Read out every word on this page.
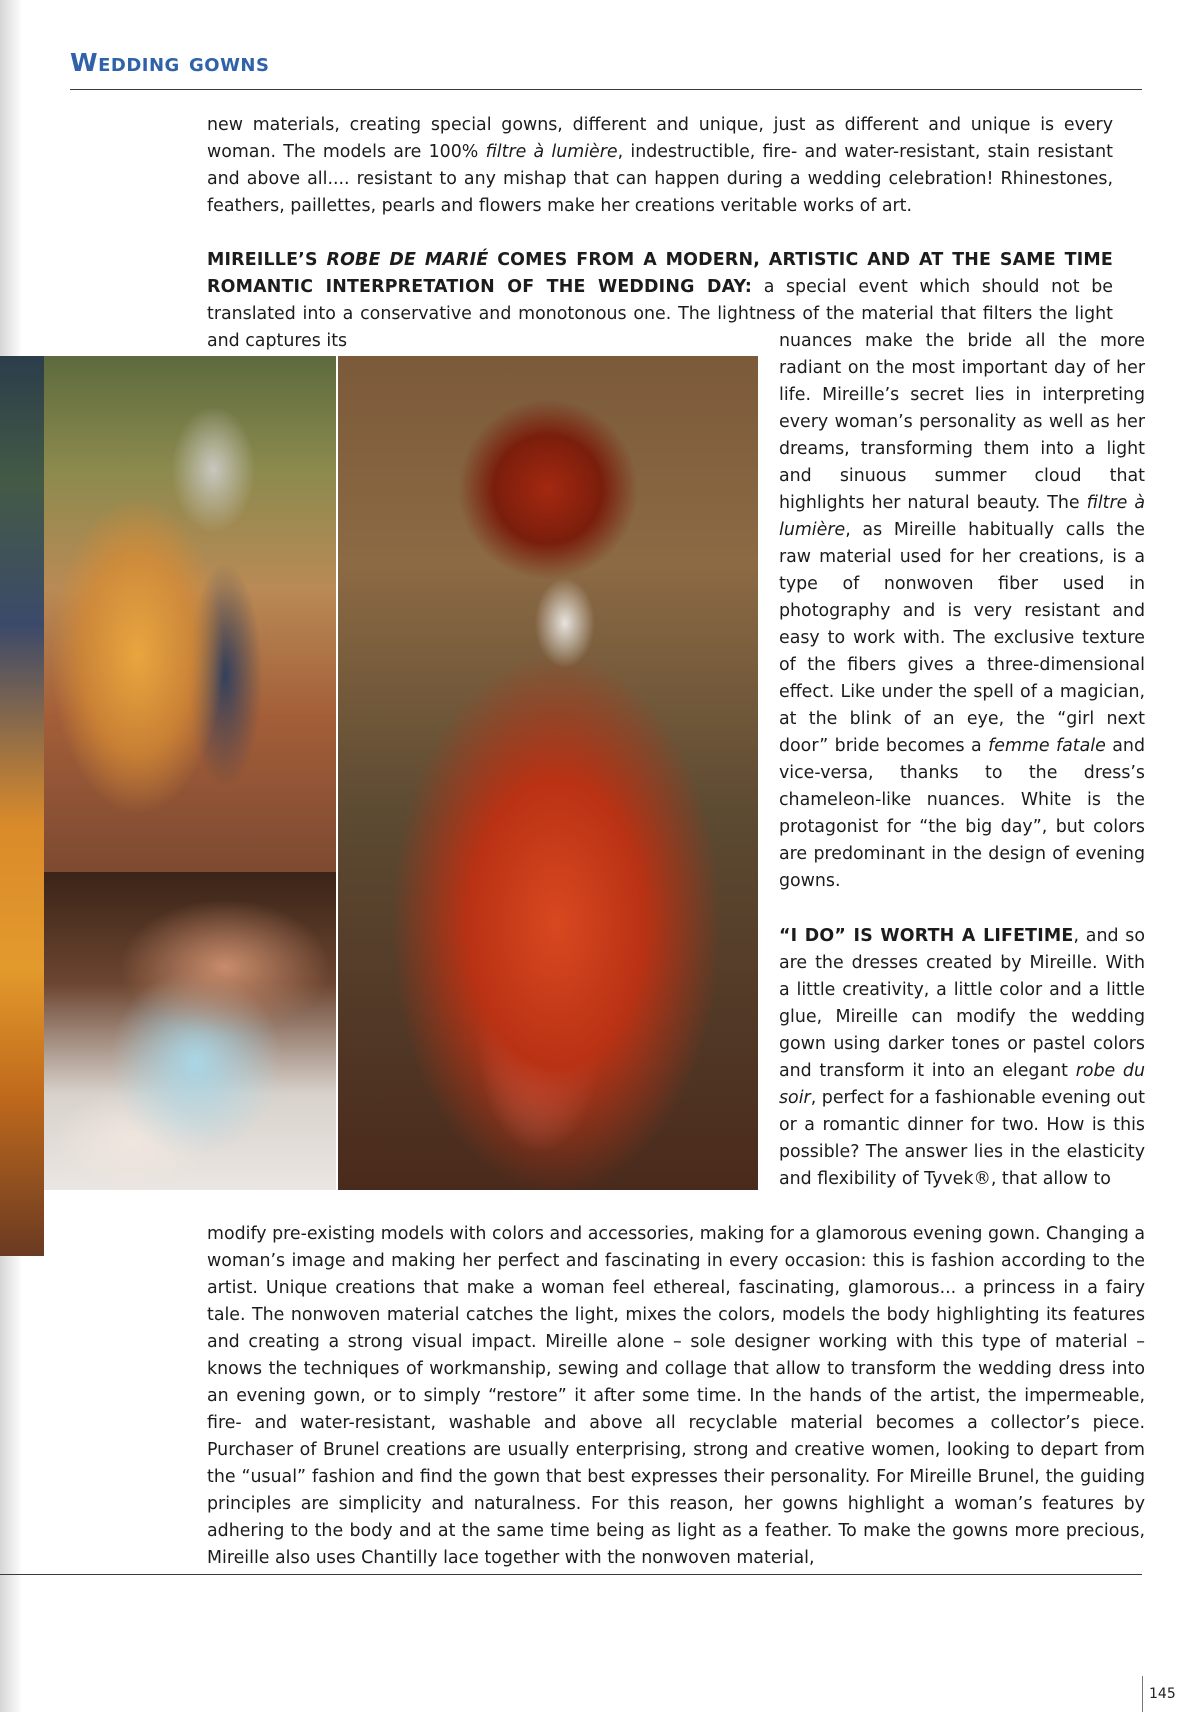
Wedding gowns

new materials, creating special gowns, different and unique, just as different and unique is every woman. The models are 100% filtre à lumière, indestructible, fire- and water-resistant, stain resistant and above all.... resistant to any mishap that can happen during a wedding celebration! Rhinestones, feathers, paillettes, pearls and flowers make her creations veritable works of art.

MIREILLE’S ROBE DE MARIÉ COMES FROM A MODERN, ARTISTIC AND AT THE SAME TIME ROMANTIC INTERPRETATION OF THE WEDDING DAY: a special event which should not be translated into a conservative and monotonous one. The lightness of the material that filters the light and captures its	nuances make the bride all the more radiant on the most important day of her life. Mireille’s secret lies in interpreting every woman’s personality as well as her dreams, transforming them into a light and sinuous summer cloud that highlights her natural beauty. The filtre à lumière, as Mireille habitually calls the raw material used for her creations, is a type of nonwoven fiber used in photography and is very resistant and easy to work with. The exclusive texture of the fibers gives a three-dimensional effect. Like under the spell of a magician, at the blink of an eye, the “girl next door” bride becomes a femme fatale and vice-versa, thanks to the dress’s chameleon-like nuances. White is the protagonist for “the big day”, but colors are predominant in the design of evening gowns.

“I DO” IS WORTH A LIFETIME, and so are the dresses created by Mireille. With a little creativity, a little color and a little glue, Mireille can modify the wedding gown using darker tones or pastel colors and transform it into an elegant robe du soir, perfect for a fashionable evening out or a romantic dinner for two. How is this possible? The answer lies in the elasticity and flexibility of Tyvek®, that allow to

modify pre-existing models with colors and accessories, making for a glamorous evening gown. Changing a woman’s image and making her perfect and fascinating in every occasion: this is fashion according to the artist. Unique creations that make a woman feel ethereal, fascinating, glamorous... a princess in a fairy tale. The nonwoven material catches the light, mixes the colors, models the body highlighting its features and creating a strong visual impact. Mireille alone – sole designer working with this type of material – knows the techniques of workmanship, sewing and collage that allow to transform the wedding dress into an evening gown, or to simply “restore” it after some time. In the hands of the artist, the impermeable, fire- and water-resistant, washable and above all recyclable material becomes a collector’s piece. Purchaser of Brunel creations are usually enterprising, strong and creative women, looking to depart from the “usual” fashion and find the gown that best expresses their personality. For Mireille Brunel, the guiding principles are simplicity and naturalness. For this reason, her gowns highlight a woman’s features by adhering to the body and at the same time being as light as a feather. To make the gowns more precious, Mireille also uses Chantilly lace together with the nonwoven material,

145
